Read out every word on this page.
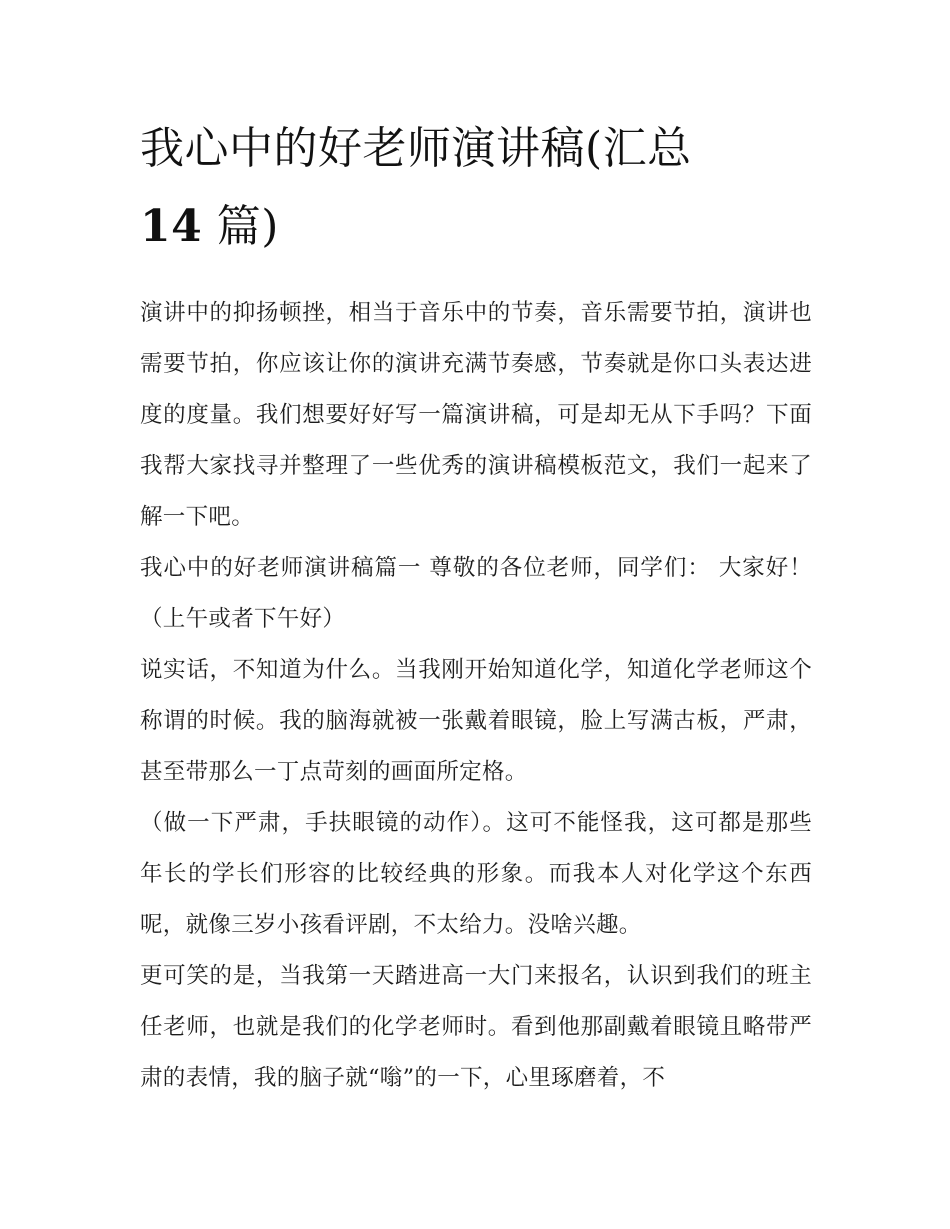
我心中的好老师演讲稿(汇总
14 篇)

演讲中的抑扬顿挫，相当于音乐中的节奏，音乐需要节拍，演讲也需要节拍，你应该让你的演讲充满节奏感，节奏就是你口头表达进度的度量。我们想要好好写一篇演讲稿，可是却无从下手吗？下面我帮大家找寻并整理了一些优秀的演讲稿模板范文，我们一起来了解一下吧。

我心中的好老师演讲稿篇一 尊敬的各位老师，同学们： 大家好！（上午或者下午好）

说实话，不知道为什么。当我刚开始知道化学，知道化学老师这个称谓的时候。我的脑海就被一张戴着眼镜，脸上写满古板，严肃，甚至带那么一丁点苛刻的画面所定格。

（做一下严肃，手扶眼镜的动作）。这可不能怪我，这可都是那些年长的学长们形容的比较经典的形象。而我本人对化学这个东西呢，就像三岁小孩看评剧，不太给力。没啥兴趣。

更可笑的是，当我第一天踏进高一大门来报名，认识到我们的班主任老师，也就是我们的化学老师时。看到他那副戴着眼镜且略带严肃的表情，我的脑子就“嗡”的一下，心里琢磨着，不
